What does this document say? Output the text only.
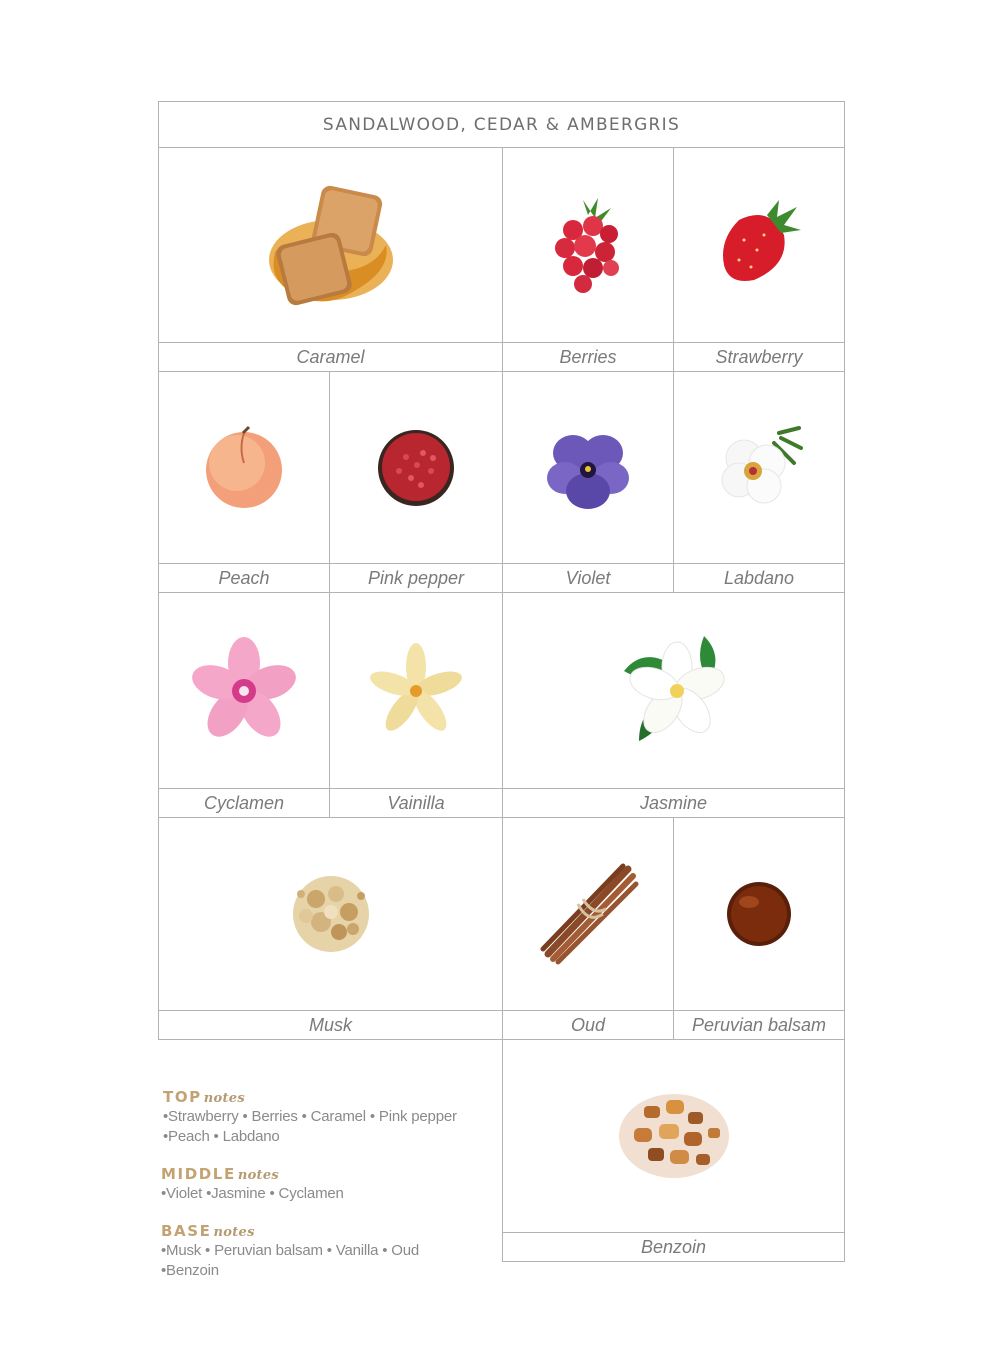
SANDALWOOD, CEDAR & AMBERGRIS
Caramel	Berries	Strawberry
Peach	Pink pepper	Violet	Labdano
Cyclamen	Vainilla	Jasmine
Musk	Oud	Peruvian balsam
Benzoin
TOP notes
•Strawberry • Berries • Caramel • Pink pepper
•Peach • Labdano
MIDDLE notes
•Violet •Jasmine • Cyclamen
BASE notes
•Musk • Peruvian balsam • Vanilla • Oud
•Benzoin
